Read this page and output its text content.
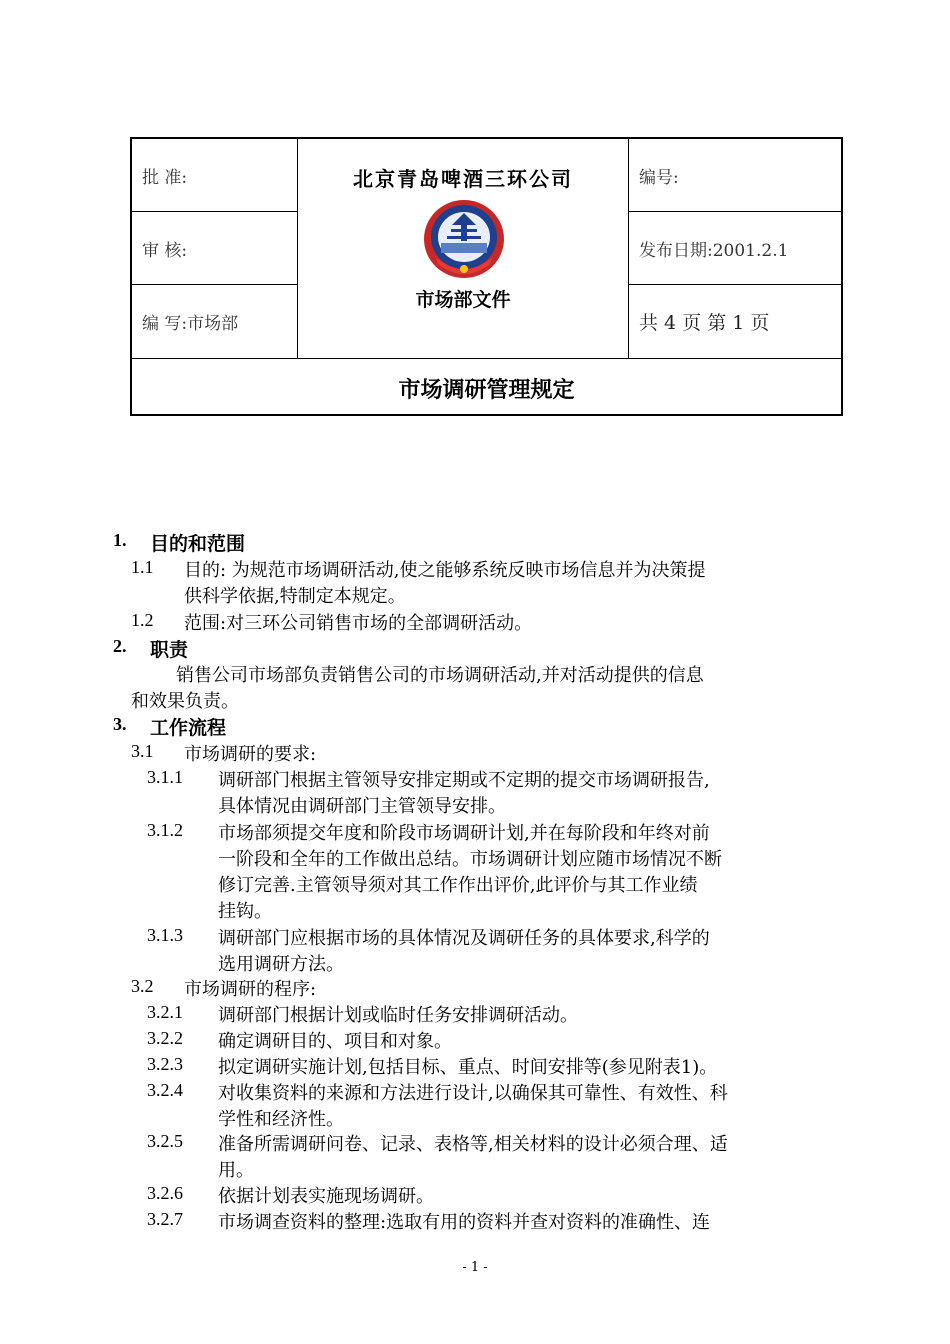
批 准:
审 核:
编 写:市场部
北京青岛啤酒三环公司
市场部文件
编号:
发布日期:2001.2.1
共 4 页 第 1 页
市场调研管理规定
1. 目的和范围
1.1 目的: 为规范市场调研活动,使之能够系统反映市场信息并为决策提
供科学依据,特制定本规定。
1.2 范围:对三环公司销售市场的全部调研活动。
2. 职责
销售公司市场部负责销售公司的市场调研活动,并对活动提供的信息
和效果负责。
3. 工作流程
3.1 市场调研的要求:
3.1.1 调研部门根据主管领导安排定期或不定期的提交市场调研报告,
具体情况由调研部门主管领导安排。
3.1.2 市场部须提交年度和阶段市场调研计划,并在每阶段和年终对前
一阶段和全年的工作做出总结。市场调研计划应随市场情况不断
修订完善.主管领导须对其工作作出评价,此评价与其工作业绩
挂钩。
3.1.3 调研部门应根据市场的具体情况及调研任务的具体要求,科学的
选用调研方法。
3.2 市场调研的程序:
3.2.1 调研部门根据计划或临时任务安排调研活动。
3.2.2 确定调研目的、项目和对象。
3.2.3 拟定调研实施计划,包括目标、重点、时间安排等(参见附表1)。
3.2.4 对收集资料的来源和方法进行设计,以确保其可靠性、有效性、科
学性和经济性。
3.2.5 准备所需调研问卷、记录、表格等,相关材料的设计必须合理、适
用。
3.2.6 依据计划表实施现场调研。
3.2.7 市场调查资料的整理:选取有用的资料并查对资料的准确性、连
- 1 -
